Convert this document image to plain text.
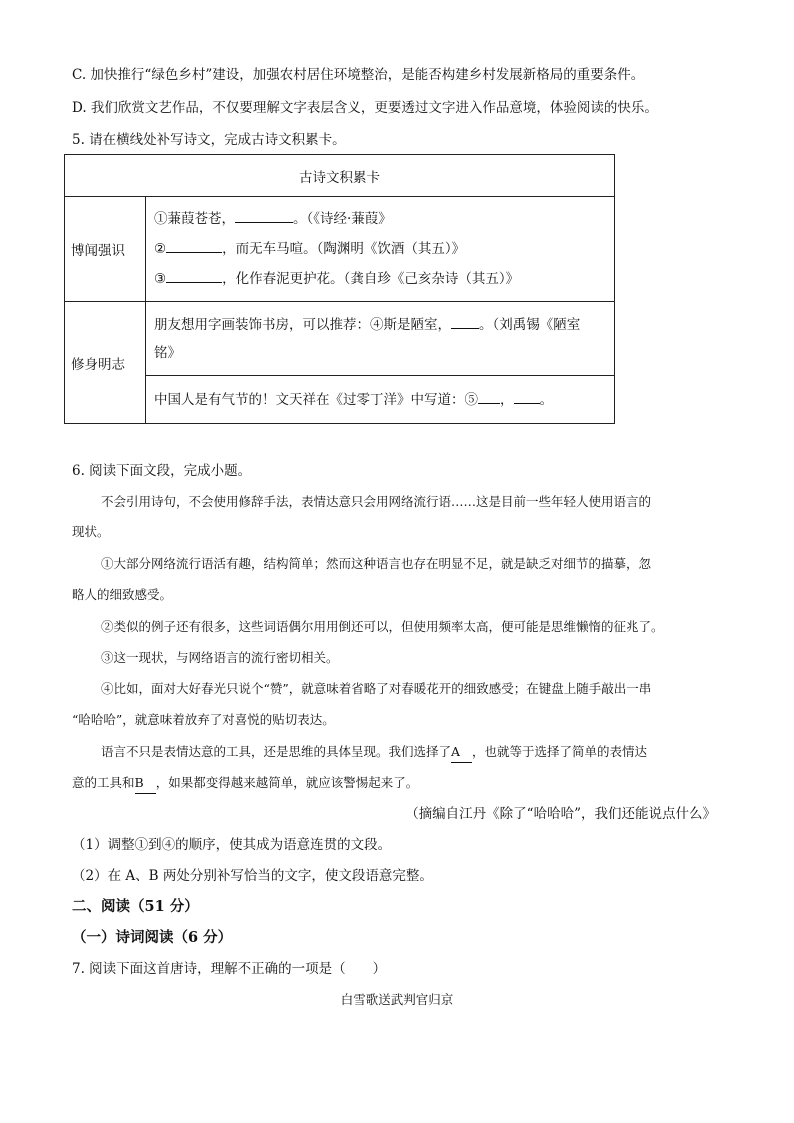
C. 加快推行“绿色乡村”建设，加强农村居住环境整治，是能否构建乡村发展新格局的重要条件。
D. 我们欣赏文艺作品，不仅要理解文字表层含义，更要透过文字进入作品意境，体验阅读的快乐。
5. 请在横线处补写诗文，完成古诗文积累卡。
古诗文积累卡	
博闻强识	①蒹葭苍苍， 。（《诗经·蒹葭》
② ，而无车马喧。（陶渊明《饮酒（其五）》
③ ，化作春泥更护花。（龚自珍《己亥杂诗（其五）》

修身明志	朋友想用字画装饰书房，可以推荐：④斯是陋室， 。（刘禹锡《陋室
铭》

	中国人是有气节的！文天祥在《过零丁洋》中写道：⑤ ， 。
6. 阅读下面文段，完成小题。
不会引用诗句，不会使用修辞手法，表情达意只会用网络流行语……这是目前一些年轻人使用语言的
现状。
①大部分网络流行语活有趣，结构简单；然而这种语言也存在明显不足，就是缺乏对细节的描摹，忽
略人的细致感受。
②类似的例子还有很多，这些词语偶尔用用倒还可以，但使用频率太高，便可能是思维懒惰的征兆了。
③这一现状，与网络语言的流行密切相关。
④比如，面对大好春光只说个“赞”，就意味着省略了对春暖花开的细致感受；在键盘上随手敲出一串
“哈哈哈”，就意味着放弃了对喜悦的贴切表达。
语言不只是表情达意的工具，还是思维的具体呈现。我们选择了A ，也就等于选择了简单的表情达
意的工具和B ，如果都变得越来越简单，就应该警惕起来了。
（摘编自江丹《除了“哈哈哈”，我们还能说点什么》
（1）调整①到④的顺序，使其成为语意连贯的文段。
（2）在 A、B 两处分别补写恰当的文字，使文段语意完整。
二、阅读（51 分）
（一）诗词阅读（6 分）
7. 阅读下面这首唐诗，理解不正确的一项是（　　）
白雪歌送武判官归京
